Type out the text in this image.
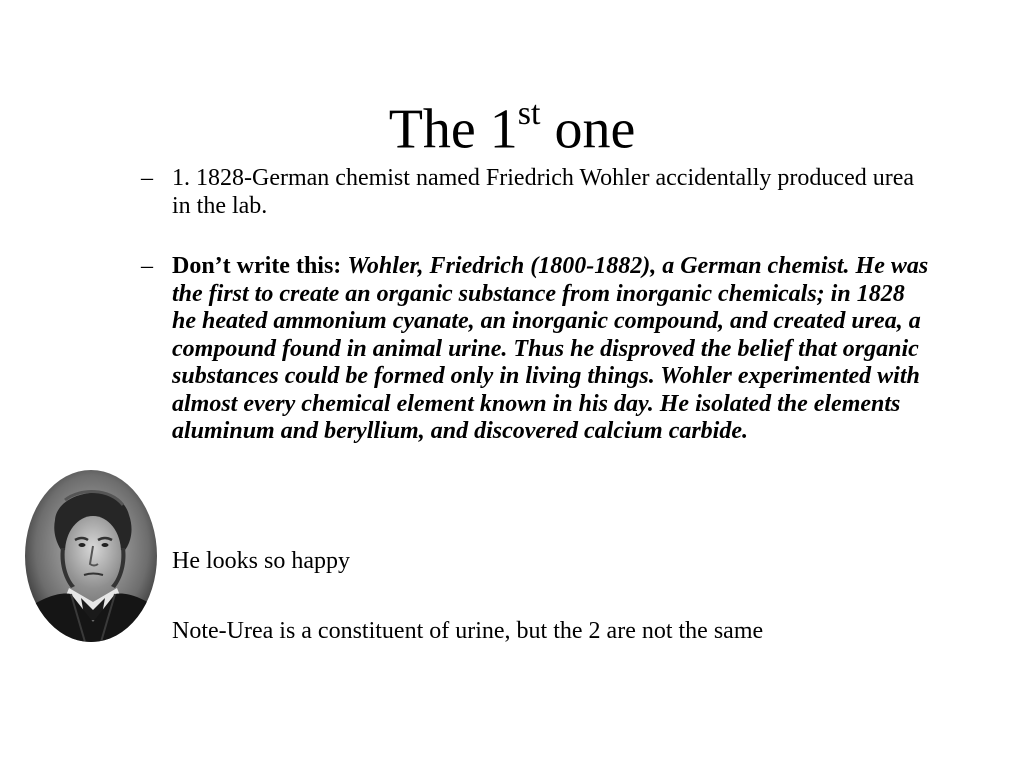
The 1st one
– 1. 1828-German chemist named Friedrich Wohler accidentally produced urea in the lab.
– Don’t write this: Wohler, Friedrich (1800-1882), a German chemist. He was the first to create an organic substance from inorganic chemicals; in 1828 he heated ammonium cyanate, an inorganic compound, and created urea, a compound found in animal urine. Thus he disproved the belief that organic substances could be formed only in living things. Wohler experimented with almost every chemical element known in his day. He isolated the elements aluminum and beryllium, and discovered calcium carbide.
He looks so happy
Note-Urea is a constituent of urine, but the 2 are not the same
